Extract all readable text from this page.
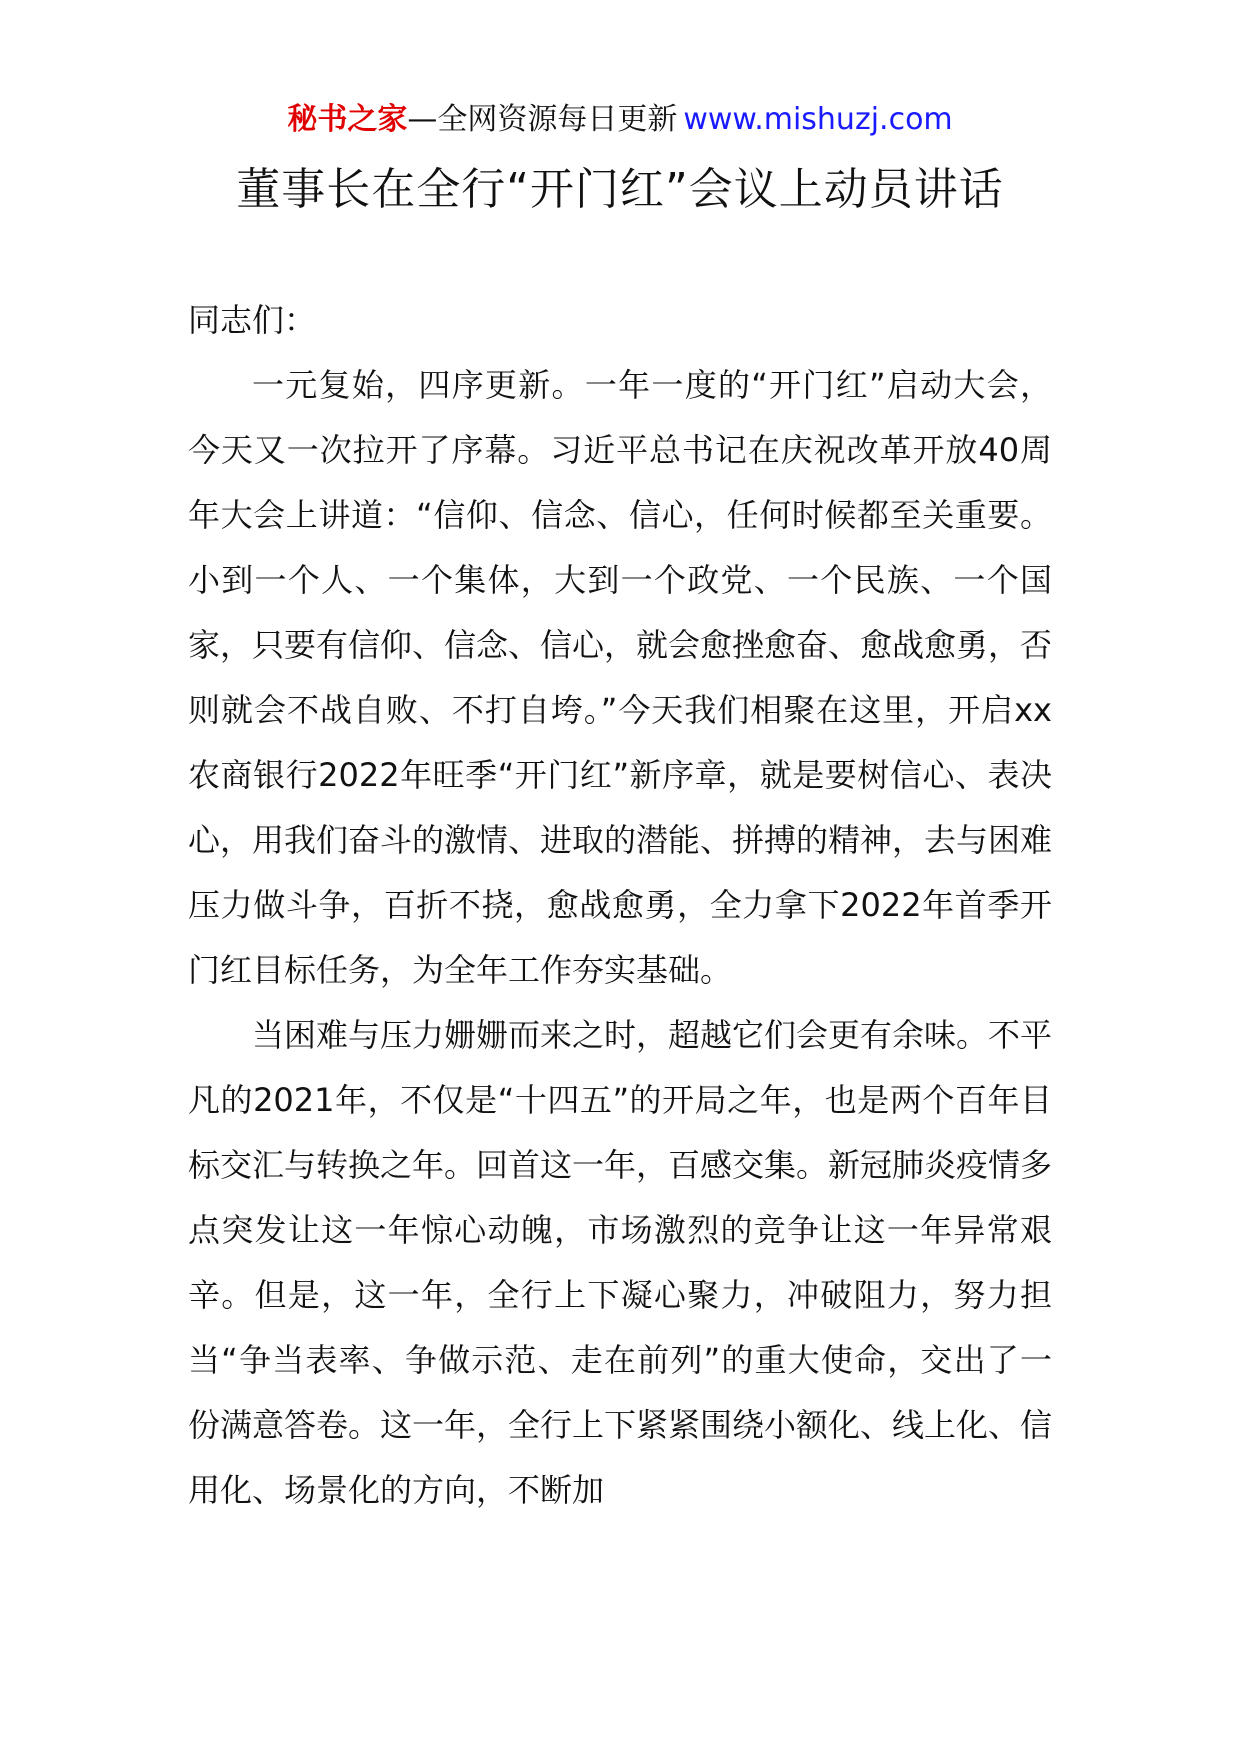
秘书之家—全网资源每日更新 www.mishuzj.com
董事长在全行“开门红”会议上动员讲话

同志们：

一元复始，四序更新。一年一度的“开门红”启动大会，今天又一次拉开了序幕。习近平总书记在庆祝改革开放40周年大会上讲道：“信仰、信念、信心，任何时候都至关重要。小到一个人、一个集体，大到一个政党、一个民族、一个国家，只要有信仰、信念、信心，就会愈挫愈奋、愈战愈勇，否则就会不战自败、不打自垮。”今天我们相聚在这里，开启xx农商银行2022年旺季“开门红”新序章，就是要树信心、表决心，用我们奋斗的激情、进取的潜能、拼搏的精神，去与困难压力做斗争，百折不挠，愈战愈勇，全力拿下2022年首季开门红目标任务，为全年工作夯实基础。

当困难与压力姗姗而来之时，超越它们会更有余味。不平凡的2021年，不仅是“十四五”的开局之年，也是两个百年目标交汇与转换之年。回首这一年，百感交集。新冠肺炎疫情多点突发让这一年惊心动魄，市场激烈的竞争让这一年异常艰辛。但是，这一年，全行上下凝心聚力，冲破阻力，努力担当“争当表率、争做示范、走在前列”的重大使命，交出了一份满意答卷。这一年，全行上下紧紧围绕小额化、线上化、信用化、场景化的方向，不断加
